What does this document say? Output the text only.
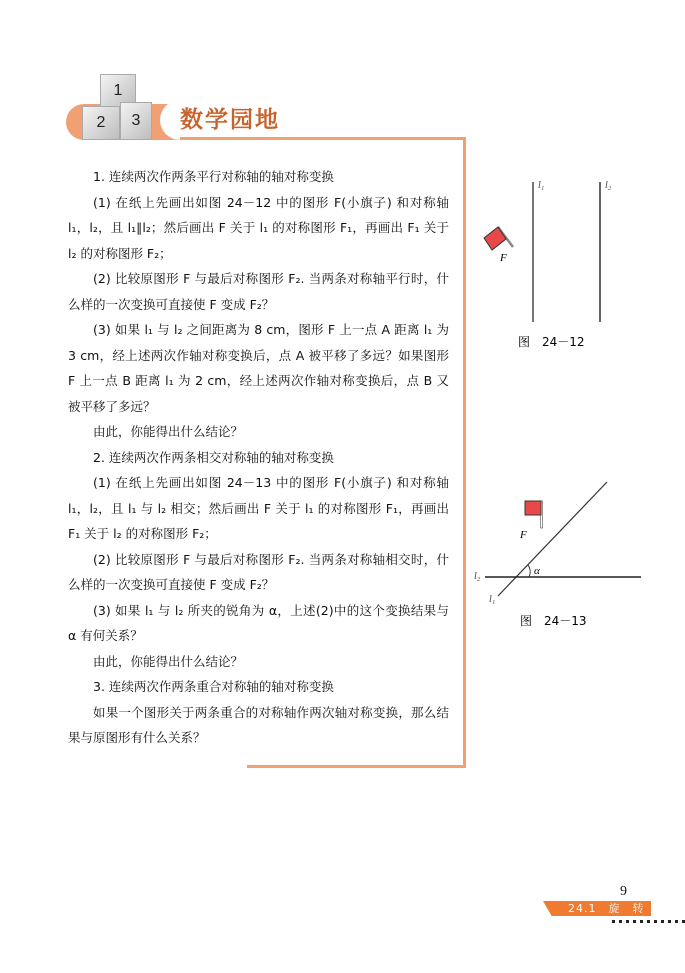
1
2	3	数学园地

1. 连续两次作两条平行对称轴的轴对称变换

(1) 在纸上先画出如图 24－12 中的图形 F(小旗子) 和对称轴 l₁，l₂，且 l₁∥l₂；然后画出 F 关于 l₁ 的对称图形 F₁，再画出 F₁ 关于 l₂ 的对称图形 F₂；

(2) 比较原图形 F 与最后对称图形 F₂. 当两条对称轴平行时，什么样的一次变换可直接使 F 变成 F₂？

(3) 如果 l₁ 与 l₂ 之间距离为 8 cm，图形 F 上一点 A 距离 l₁ 为 3 cm，经上述两次作轴对称变换后，点 A 被平移了多远？如果图形 F 上一点 B 距离 l₁ 为 2 cm，经上述两次作轴对称变换后，点 B 又被平移了多远？

由此，你能得出什么结论？

2. 连续两次作两条相交对称轴的轴对称变换

(1) 在纸上先画出如图 24－13 中的图形 F(小旗子) 和对称轴 l₁，l₂，且 l₁ 与 l₂ 相交；然后画出 F 关于 l₁ 的对称图形 F₁，再画出 F₁ 关于 l₂ 的对称图形 F₂；

(2) 比较原图形 F 与最后对称图形 F₂. 当两条对称轴相交时，什么样的一次变换可直接使 F 变成 F₂？

(3) 如果 l₁ 与 l₂ 所夹的锐角为 α，上述(2)中的这个变换结果与 α 有何关系？

由此，你能得出什么结论？

3. 连续两次作两条重合对称轴的轴对称变换

如果一个图形关于两条重合的对称轴作两次轴对称变换，那么结果与原图形有什么关系？

l₁	l₂
F
图　24－12
α
l₂
l₁
F
图　24－13
9
24.1　旋　转
